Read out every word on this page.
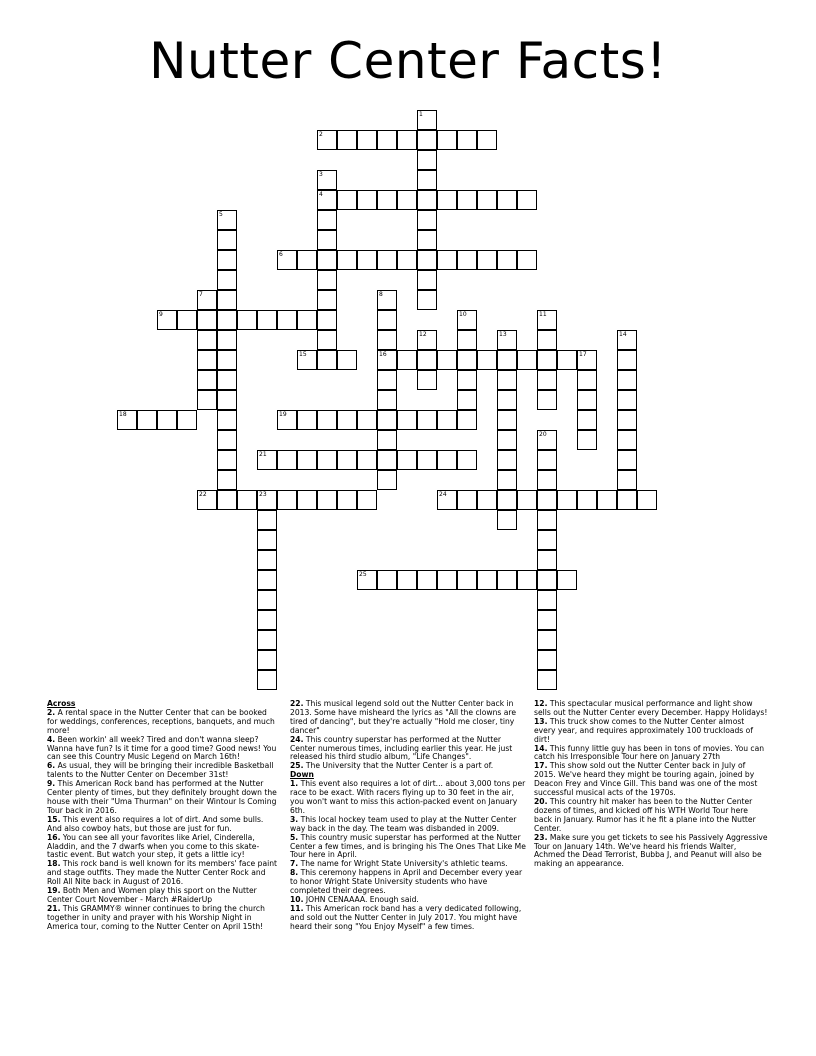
Nutter Center Facts!
1
2
3
4
5
6
7	8
16
9	10	11
12	13	14
15	17
18	19
20
21
22	23	24
25
Across
2. A rental space in the Nutter Center that can be booked for weddings, conferences, receptions, banquets, and much more!
4. Been workin' all week? Tired and don't wanna sleep? Wanna have fun? Is it time for a good time? Good news! You can see this Country Music Legend on March 16th!
6. As usual, they will be bringing their incredible Basketball talents to the Nutter Center on December 31st!
9. This American Rock band has performed at the Nutter Center plenty of times, but they definitely brought down the house with their "Uma Thurman" on their Wintour Is Coming Tour back in 2016.
15. This event also requires a lot of dirt. And some bulls. And also cowboy hats, but those are just for fun.
16. You can see all your favorites like Ariel, Cinderella, Aladdin, and the 7 dwarfs when you come to this skate-tastic event. But watch your step, it gets a little icy!
18. This rock band is well known for its members' face paint and stage outfits. They made the Nutter Center Rock and Roll All Nite back in August of 2016.
19. Both Men and Women play this sport on the Nutter Center Court November - March #RaiderUp
21. This GRAMMY® winner continues to bring the church together in unity and prayer with his Worship Night in America tour, coming to the Nutter Center on April 15th!
22. This musical legend sold out the Nutter Center back in 2013. Some have misheard the lyrics as "All the clowns are tired of dancing", but they're actually "Hold me closer, tiny dancer"
24. This country superstar has performed at the Nutter Center numerous times, including earlier this year. He just released his third studio album, "Life Changes".
25. The University that the Nutter Center is a part of.
Down
1. This event also requires a lot of dirt... about 3,000 tons per race to be exact. With racers flying up to 30 feet in the air, you won't want to miss this action-packed event on January 6th.
3. This local hockey team used to play at the Nutter Center way back in the day. The team was disbanded in 2009.
5. This country music superstar has performed at the Nutter Center a few times, and is bringing his The Ones That Like Me Tour here in April.
7. The name for Wright State University's athletic teams.
8. This ceremony happens in April and December every year to honor Wright State University students who have completed their degrees.
10. JOHN CENAAAA. Enough said.
11. This American rock band has a very dedicated following, and sold out the Nutter Center in July 2017. You might have heard their song "You Enjoy Myself" a few times.
12. This spectacular musical performance and light show sells out the Nutter Center every December. Happy Holidays!
13. This truck show comes to the Nutter Center almost every year, and requires approximately 100 truckloads of dirt!
14. This funny little guy has been in tons of movies. You can catch his Irresponsible Tour here on January 27th
17. This show sold out the Nutter Center back in July of 2015. We've heard they might be touring again, joined by Deacon Frey and Vince Gill. This band was one of the most successful musical acts of the 1970s.
20. This country hit maker has been to the Nutter Center dozens of times, and kicked off his WTH World Tour here back in January. Rumor has it he fit a plane into the Nutter Center.
23. Make sure you get tickets to see his Passively Aggressive Tour on January 14th. We've heard his friends Walter, Achmed the Dead Terrorist, Bubba J, and Peanut will also be making an appearance.
